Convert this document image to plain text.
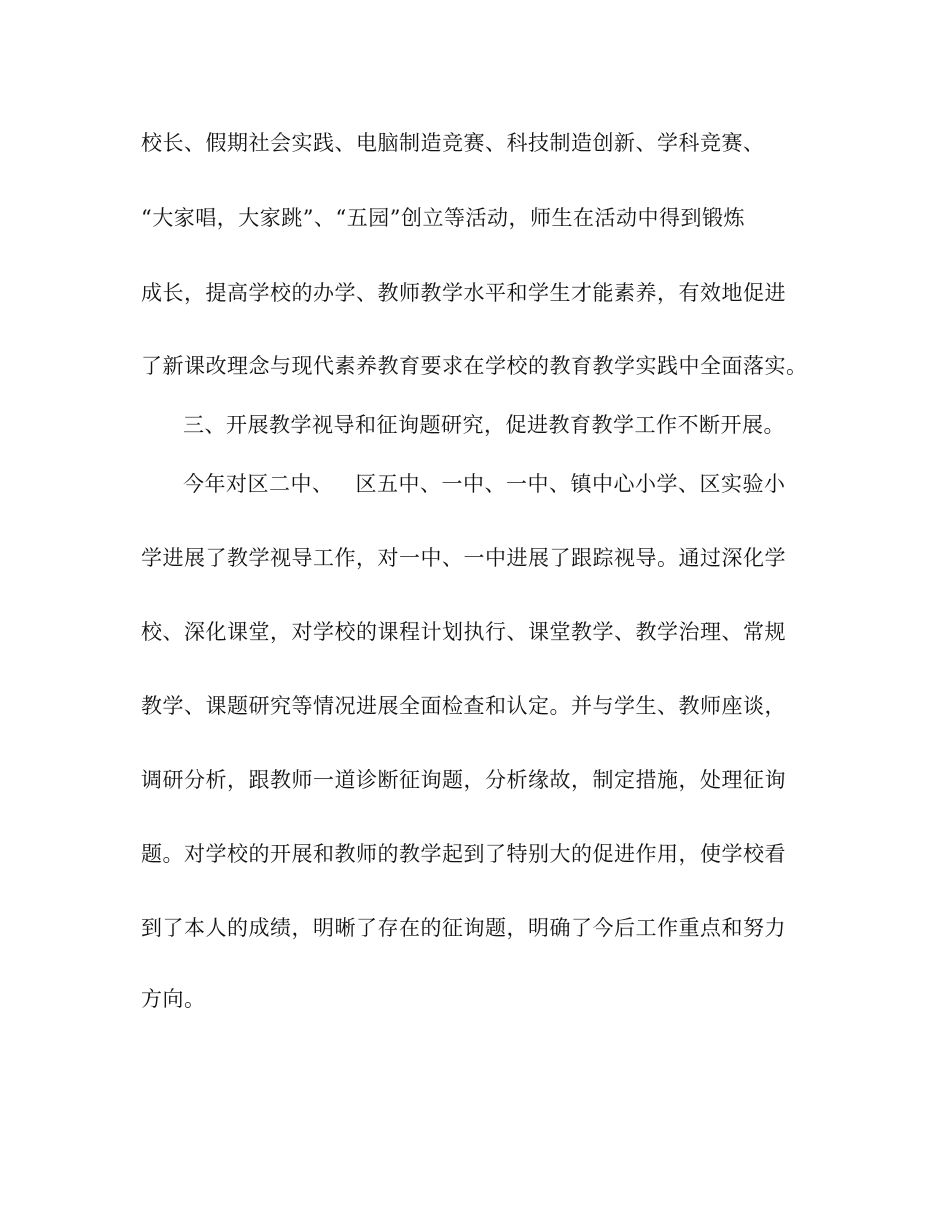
校长、假期社会实践、电脑制造竞赛、科技制造创新、学科竞赛、
“大家唱，大家跳”、“五园”创立等活动，师生在活动中得到锻炼
成长，提高学校的办学、教师教学水平和学生才能素养，有效地促进
了新课改理念与现代素养教育要求在学校的教育教学实践中全面落实。
三、开展教学视导和征询题研究，促进教育教学工作不断开展。
今年对区二中、 区五中、一中、一中、镇中心小学、区实验小
学进展了教学视导工作，对一中、一中进展了跟踪视导。通过深化学
校、深化课堂，对学校的课程计划执行、课堂教学、教学治理、常规
教学、课题研究等情况进展全面检查和认定。并与学生、教师座谈，
调研分析，跟教师一道诊断征询题，分析缘故，制定措施，处理征询
题。对学校的开展和教师的教学起到了特别大的促进作用，使学校看
到了本人的成绩，明晰了存在的征询题，明确了今后工作重点和努力
方向。
